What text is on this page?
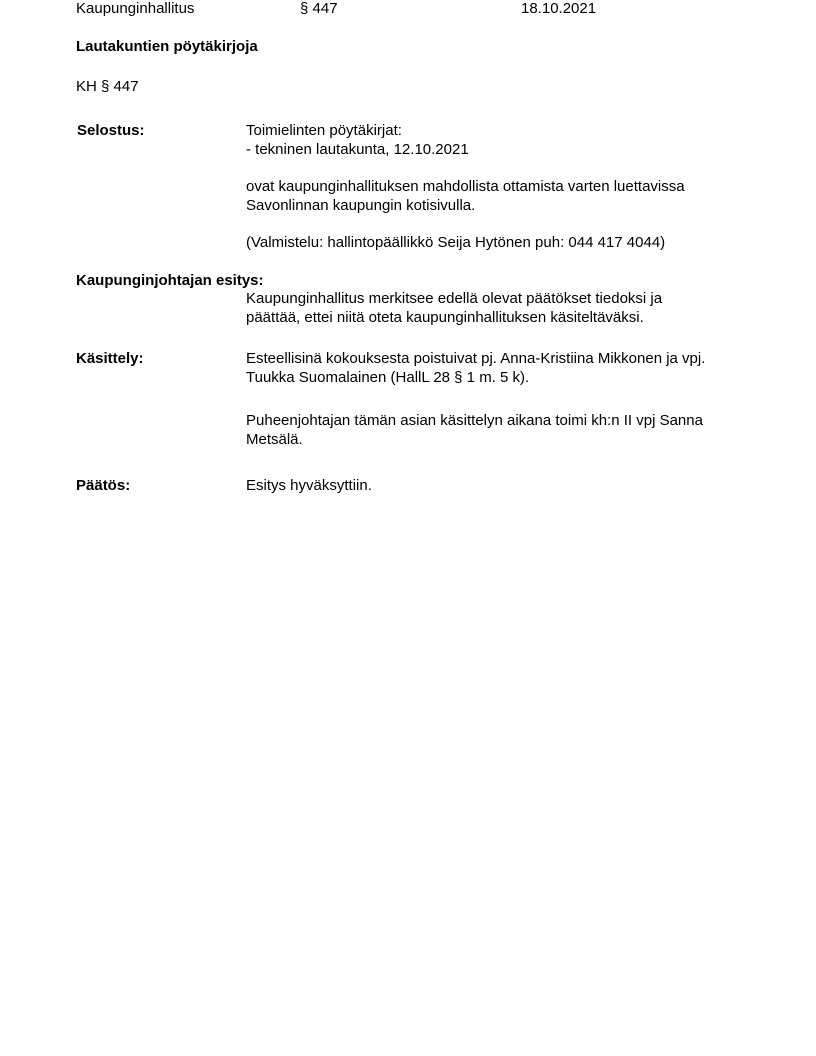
Kaupunginhallitus	§ 447	18.10.2021
Lautakuntien pöytäkirjoja
KH § 447
Selostus:	Toimielinten pöytäkirjat:
- tekninen lautakunta, 12.10.2021
ovat kaupunginhallituksen mahdollista ottamista varten luettavissa
Savonlinnan kaupungin kotisivulla.
(Valmistelu: hallintopäällikkö Seija Hytönen puh: 044 417 4044)
Kaupunginjohtajan esitys:
Kaupunginhallitus merkitsee edellä olevat päätökset tiedoksi ja
päättää, ettei niitä oteta kaupunginhallituksen käsiteltäväksi.
Käsittely:	Esteellisinä kokouksesta poistuivat pj. Anna-Kristiina Mikkonen ja vpj.
Tuukka Suomalainen (HallL 28 § 1 m. 5 k).
Puheenjohtajan tämän asian käsittelyn aikana toimi kh:n II vpj Sanna
Metsälä.
Päätös:	Esitys hyväksyttiin.
